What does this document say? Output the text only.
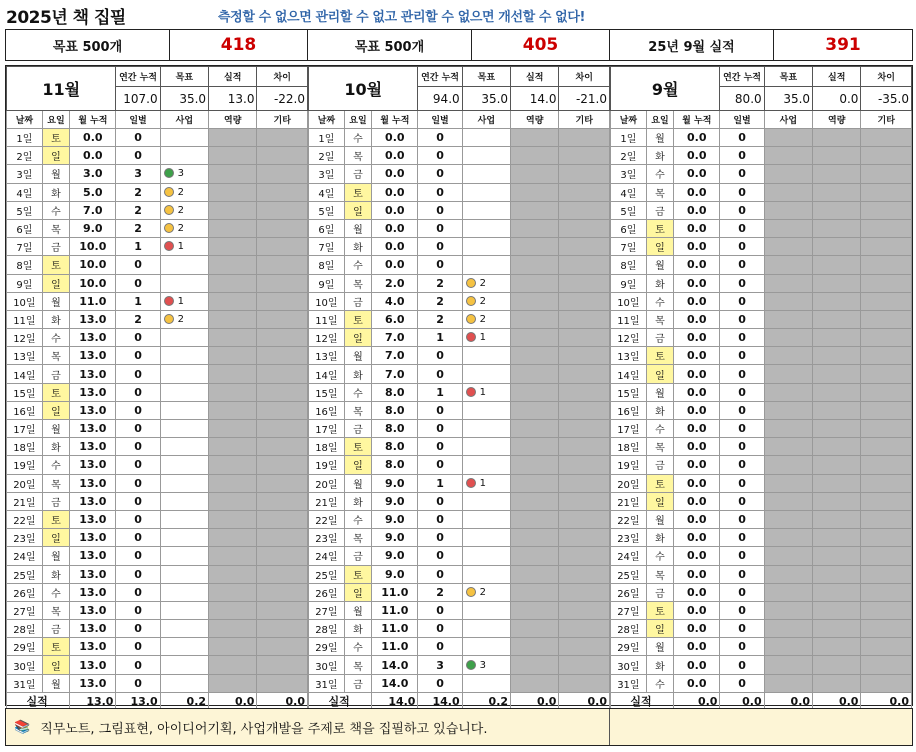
2025년 책 집필	측정할 수 없으면 관리할 수 없고 관리할 수 없으면 개선할 수 없다!
목표 500개	418	목표 500개	405	25년 9월 실적	391
11월			연간 누적	목표	실적	차이
			107.0	35.0	13.0	-22.0
날짜	요일	월 누적	일별	사업	역량	기타
1일	토	0.0	0			
2일	일	0.0	0			
3일	월	3.0	3	3		
4일	화	5.0	2	2		
5일	수	7.0	2	2		
6일	목	9.0	2	2		
7일	금	10.0	1	1		
8일	토	10.0	0			
9일	일	10.0	0			
10일	월	11.0	1	1		
11일	화	13.0	2	2		
12일	수	13.0	0			
13일	목	13.0	0			
14일	금	13.0	0			
15일	토	13.0	0			
16일	일	13.0	0			
17일	월	13.0	0			
18일	화	13.0	0			
19일	수	13.0	0			
20일	목	13.0	0			
21일	금	13.0	0			
22일	토	13.0	0			
23일	일	13.0	0			
24일	월	13.0	0			
25일	화	13.0	0			
26일	수	13.0	0			
27일	목	13.0	0			
28일	금	13.0	0			
29일	토	13.0	0			
30일	일	13.0	0			
31일	월	13.0	0			
실적		13.0	13.0	0.2	0.0	0.0
10월			연간 누적	목표	실적	차이
			94.0	35.0	14.0	-21.0
날짜	요일	월 누적	일별	사업	역량	기타
1일	수	0.0	0			
2일	목	0.0	0			
3일	금	0.0	0			
4일	토	0.0	0			
5일	일	0.0	0			
6일	월	0.0	0			
7일	화	0.0	0			
8일	수	0.0	0			
9일	목	2.0	2	2		
10일	금	4.0	2	2		
11일	토	6.0	2	2		
12일	일	7.0	1	1		
13일	월	7.0	0			
14일	화	7.0	0			
15일	수	8.0	1	1		
16일	목	8.0	0			
17일	금	8.0	0			
18일	토	8.0	0			
19일	일	8.0	0			
20일	월	9.0	1	1		
21일	화	9.0	0			
22일	수	9.0	0			
23일	목	9.0	0			
24일	금	9.0	0			
25일	토	9.0	0			
26일	일	11.0	2	2		
27일	월	11.0	0			
28일	화	11.0	0			
29일	수	11.0	0			
30일	목	14.0	3	3		
31일	금	14.0	0			
실적		14.0	14.0	0.2	0.0	0.0
9월			연간 누적	목표	실적	차이
			80.0	35.0	0.0	-35.0
날짜	요일	월 누적	일별	사업	역량	기타
1일	월	0.0	0			
2일	화	0.0	0			
3일	수	0.0	0			
4일	목	0.0	0			
5일	금	0.0	0			
6일	토	0.0	0			
7일	일	0.0	0			
8일	월	0.0	0			
9일	화	0.0	0			
10일	수	0.0	0			
11일	목	0.0	0			
12일	금	0.0	0			
13일	토	0.0	0			
14일	일	0.0	0			
15일	월	0.0	0			
16일	화	0.0	0			
17일	수	0.0	0			
18일	목	0.0	0			
19일	금	0.0	0			
20일	토	0.0	0			
21일	일	0.0	0			
22일	월	0.0	0			
23일	화	0.0	0			
24일	수	0.0	0			
25일	목	0.0	0			
26일	금	0.0	0			
27일	토	0.0	0			
28일	일	0.0	0			
29일	월	0.0	0			
30일	화	0.0	0			
31일	수	0.0	0			
실적		0.0	0.0	0.0	0.0	0.0
📚 직무노트, 그림표현, 아이디어기획, 사업개발을 주제로 책을 집필하고 있습니다.
